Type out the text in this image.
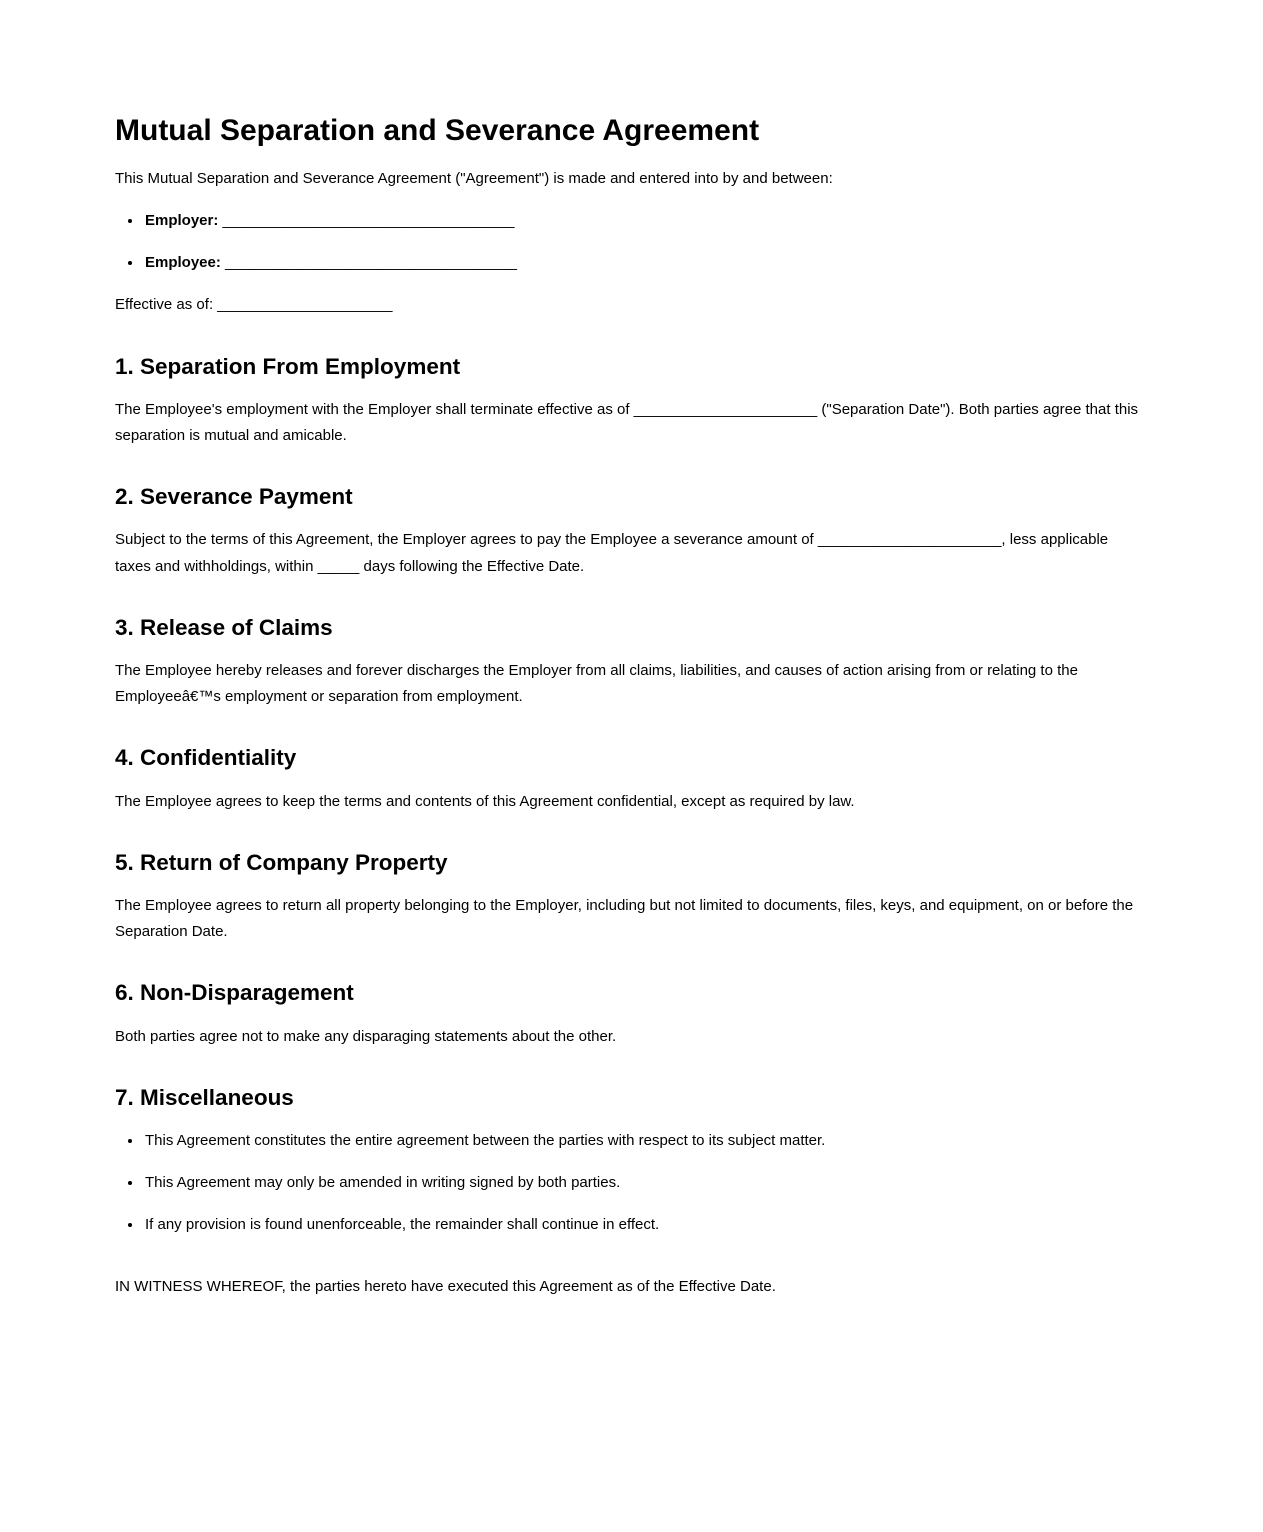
Mutual Separation and Severance Agreement

This Mutual Separation and Severance Agreement ("Agreement") is made and entered into by and between:

• Employer: ___________________________________
• Employee: ___________________________________

Effective as of: _____________________

1. Separation From Employment

The Employee's employment with the Employer shall terminate effective as of ______________________ ("Separation Date"). Both parties agree that this separation is mutual and amicable.

2. Severance Payment

Subject to the terms of this Agreement, the Employer agrees to pay the Employee a severance amount of ______________________, less applicable taxes and withholdings, within _____ days following the Effective Date.

3. Release of Claims

The Employee hereby releases and forever discharges the Employer from all claims, liabilities, and causes of action arising from or relating to the Employeeâ€™s employment or separation from employment.

4. Confidentiality

The Employee agrees to keep the terms and contents of this Agreement confidential, except as required by law.

5. Return of Company Property

The Employee agrees to return all property belonging to the Employer, including but not limited to documents, files, keys, and equipment, on or before the Separation Date.

6. Non-Disparagement

Both parties agree not to make any disparaging statements about the other.

7. Miscellaneous
• This Agreement constitutes the entire agreement between the parties with respect to its subject matter.
• This Agreement may only be amended in writing signed by both parties.
• If any provision is found unenforceable, the remainder shall continue in effect.

IN WITNESS WHEREOF, the parties hereto have executed this Agreement as of the Effective Date.
